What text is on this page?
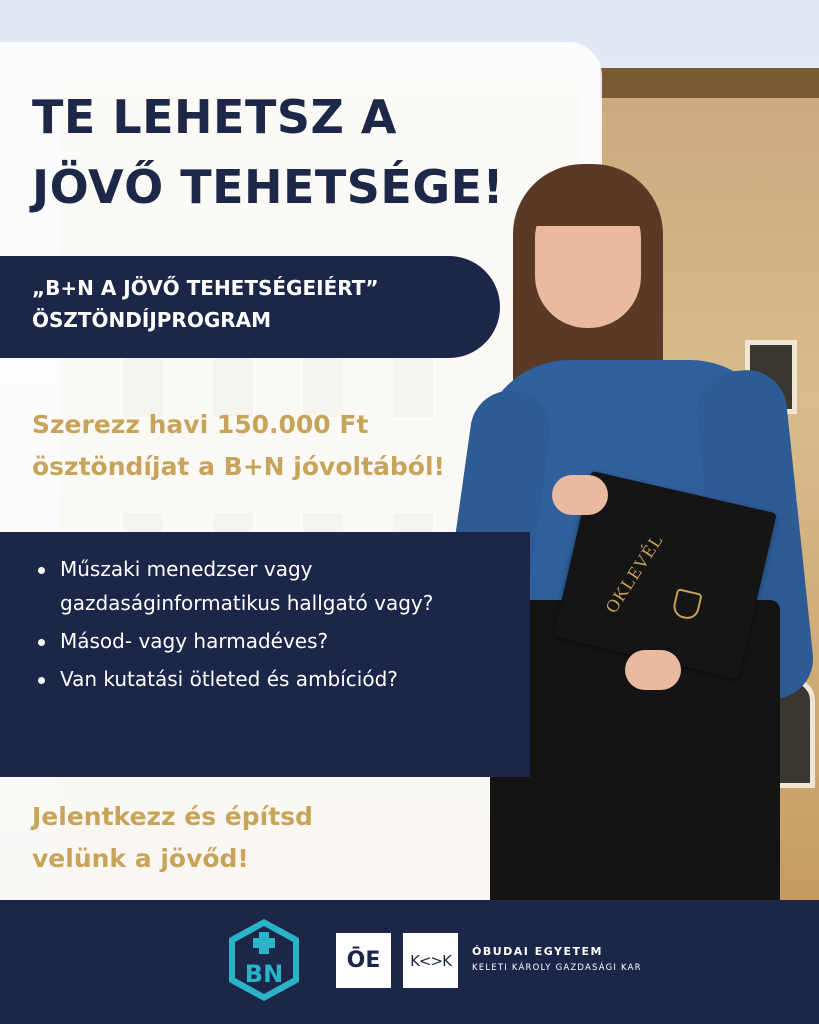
OKLEVÉL
TE LEHETSZ A
JÖVŐ TEHETSÉGE!
„B+N A JÖVŐ TEHETSÉGEIÉRT”
ÖSZTÖNDÍJPROGRAM
Szerezz havi 150.000 Ft
ösztöndíjat a B+N jóvoltából!
Műszaki menedzser vagy gazdaságinformatikus hallgató vagy?
Másod- vagy harmadéves?
Van kutatási ötleted és ambíciód?
Jelentkezz és építsd
velünk a jövőd!
BN	ŌE K<>K ÓBUDAI EGYETEM
KELETI KÁROLY GAZDASÁGI KAR
